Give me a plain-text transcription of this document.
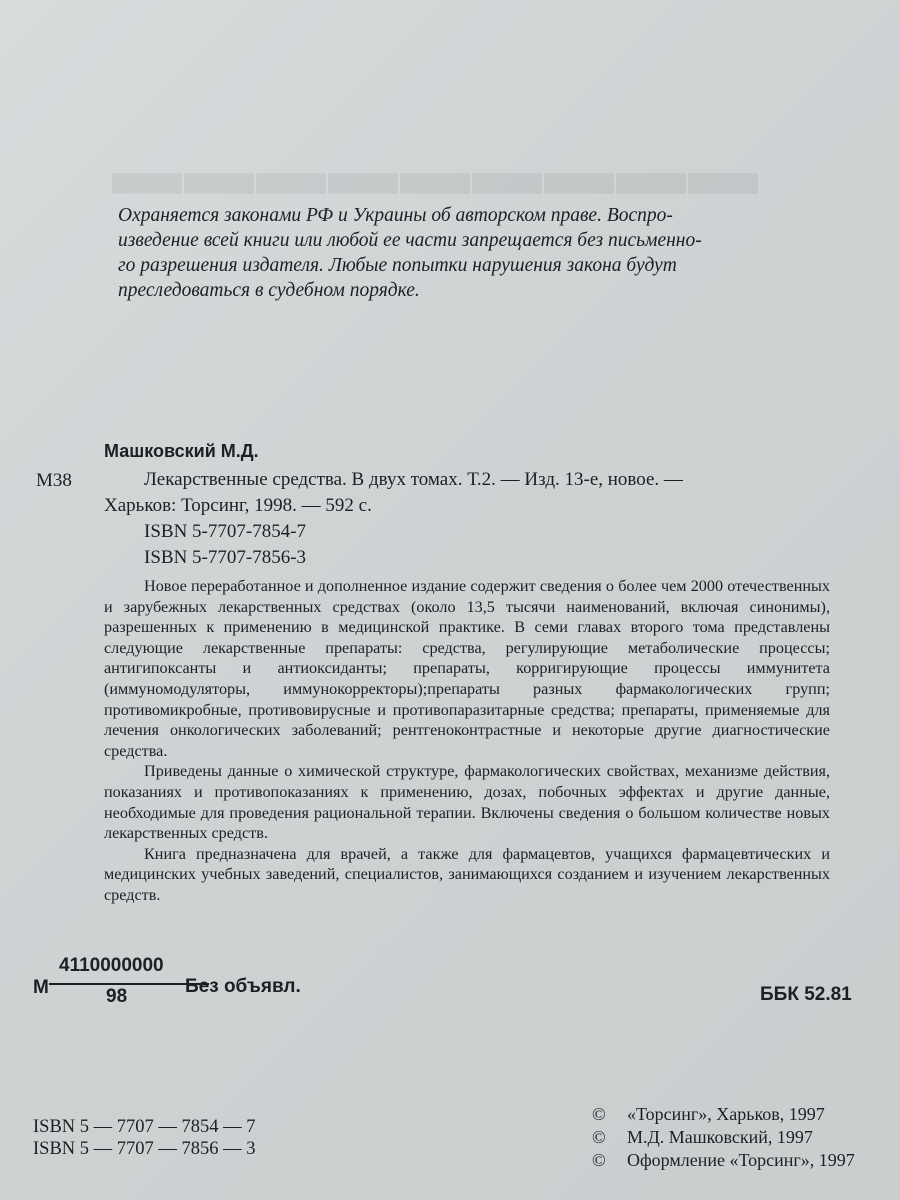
▬▬▬▬▬▬▬▬▬

Охраняется законами РФ и Украины об авторском праве. Воспро-

изведение всей книги или любой ее части запрещается без письменно-

го разрешения издателя. Любые попытки нарушения закона будут

преследоваться в судебном порядке.

Машковский М.Д.
М38	Лекарственные средства. В двух томах. Т.2. — Изд. 13-е, новое. —
Харьков: Торсинг, 1998. — 592 с.
ISBN 5-7707-7854-7
ISBN 5-7707-7856-3

Новое переработанное и дополненное издание содержит сведения о более чем 2000 отечественных и зарубежных лекарственных средствах (около 13,5 тысячи наименований, включая синонимы), разрешенных к применению в медицинской практике. В семи главах второго тома представлены следующие лекарственные препараты: средства, регулирующие метаболические процессы; антигипоксанты и антиоксиданты; препараты, корригирующие процессы иммунитета (иммуномодуляторы, иммунокорректоры);препараты разных фармакологических групп; противомикробные, противовирусные и противопаразитарные средства; препараты, применяемые для лечения онкологических заболеваний; рентгеноконтрастные и некоторые другие диагностические средства.

Приведены данные о химической структуре, фармакологических свойствах, механизме действия, показаниях и противопоказаниях к применению, дозах, побочных эффектах и другие данные, необходимые для проведения рациональной терапии. Включены сведения о большом количестве новых лекарственных средств.

Книга предназначена для врачей, а также для фармацевтов, учащихся фармацевтических и медицинских учебных заведений, специалистов, занимающихся созданием и изучением лекарственных средств.

М
4110000000
98	Без объявл.	ББК 52.81
ISBN 5 — 7707 — 7854 — 7
ISBN 5 — 7707 — 7856 — 3
© «Торсинг», Харьков, 1997
© М.Д. Машковский, 1997
© Оформление «Торсинг», 1997
